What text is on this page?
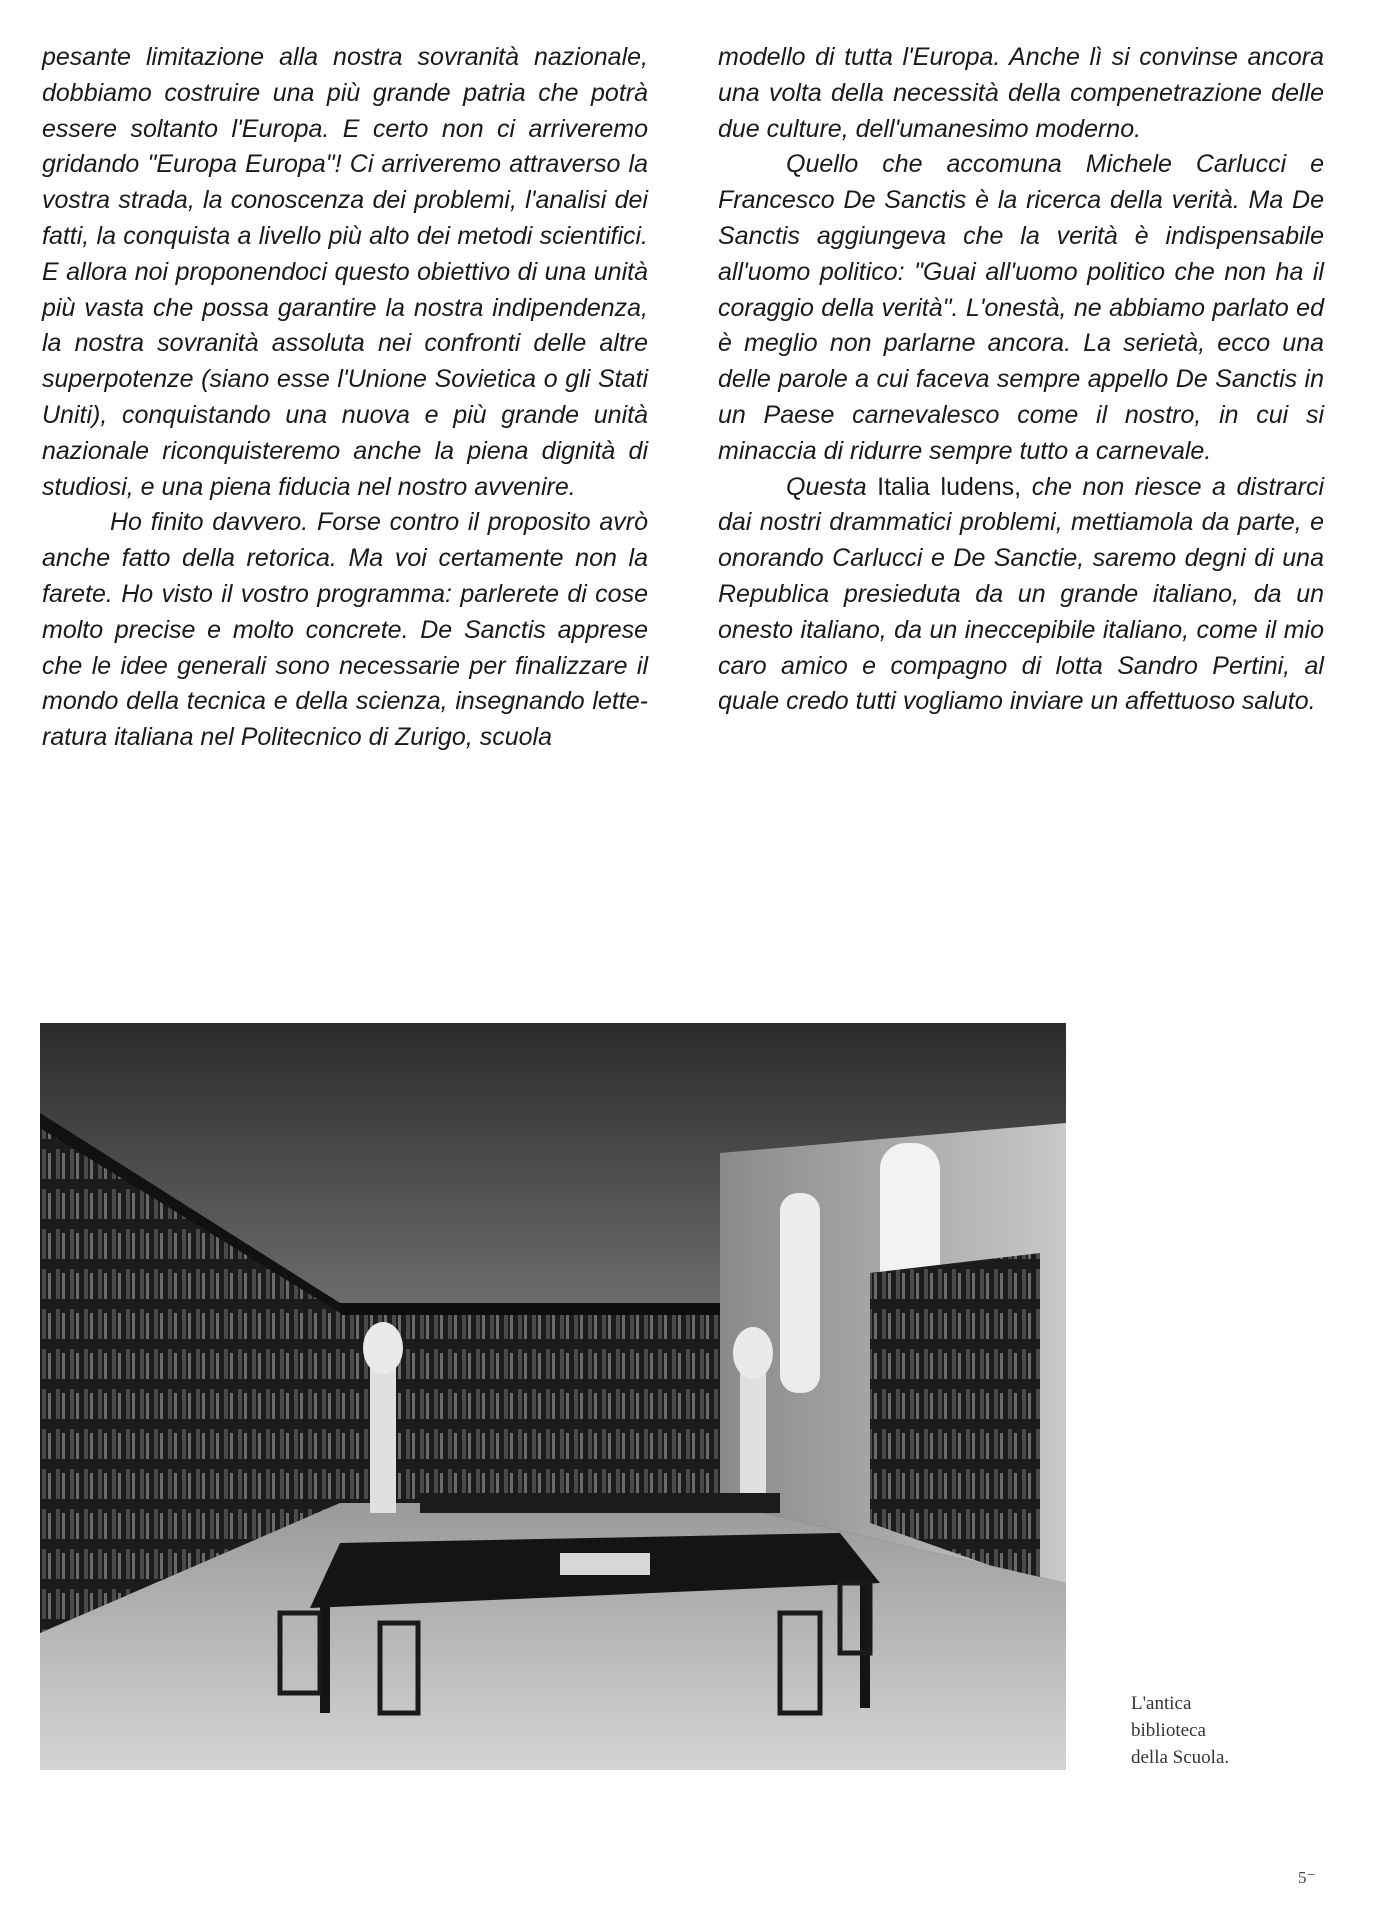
pesante limitazione alla nostra sovranità nazionale, dobbiamo costruire una più grande patria che potrà essere soltanto l'Europa. E certo non ci arriveremo gridando "Europa Europa"! Ci arriveremo attraverso la vostra strada, la conoscenza dei problemi, l'analisi dei fatti, la conquista a livello più alto dei metodi scientifici. E allora noi proponendoci questo obiettivo di una unità più vasta che possa garantire la nostra indipendenza, la nostra sovranità assoluta nei confronti delle altre superpotenze (siano esse l'Unione Sovietica o gli Stati Uniti), conquistando una nuova e più grande unità nazionale riconquisteremo anche la piena dignità di studiosi, e una piena fiducia nel nostro avvenire.

Ho finito davvero. Forse contro il proposito avrò anche fatto della retorica. Ma voi certamente non la farete. Ho visto il vostro programma: parlerete di cose molto precise e molto concrete. De Sanctis apprese che le idee generali sono necessarie per finalizzare il mondo della tecnica e della scienza, insegnando letteratura italiana nel Politecnico di Zurigo, scuola

modello di tutta l'Europa. Anche lì si convinse ancora una volta della necessità della compenetrazione delle due culture, dell'umanesimo moderno.

Quello che accomuna Michele Carlucci e Francesco De Sanctis è la ricerca della verità. Ma De Sanctis aggiungeva che la verità è indispensabile all'uomo politico: "Guai all'uomo politico che non ha il coraggio della verità". L'onestà, ne abbiamo parlato ed è meglio non parlarne ancora. La serietà, ecco una delle parole a cui faceva sempre appello De Sanctis in un Paese carnevalesco come il nostro, in cui si minaccia di ridurre sempre tutto a carnevale.

Questa Italia ludens, che non riesce a distrarci dai nostri drammatici problemi, mettiamola da parte, e onorando Carlucci e De Sanctie, saremo degni di una Republica presieduta da un grande italiano, da un onesto italiano, da un ineccepibile italiano, come il mio caro amico e compagno di lotta Sandro Pertini, al quale credo tutti vogliamo inviare un affettuoso saluto.

L'antica
biblioteca
della Scuola.
5⁻
